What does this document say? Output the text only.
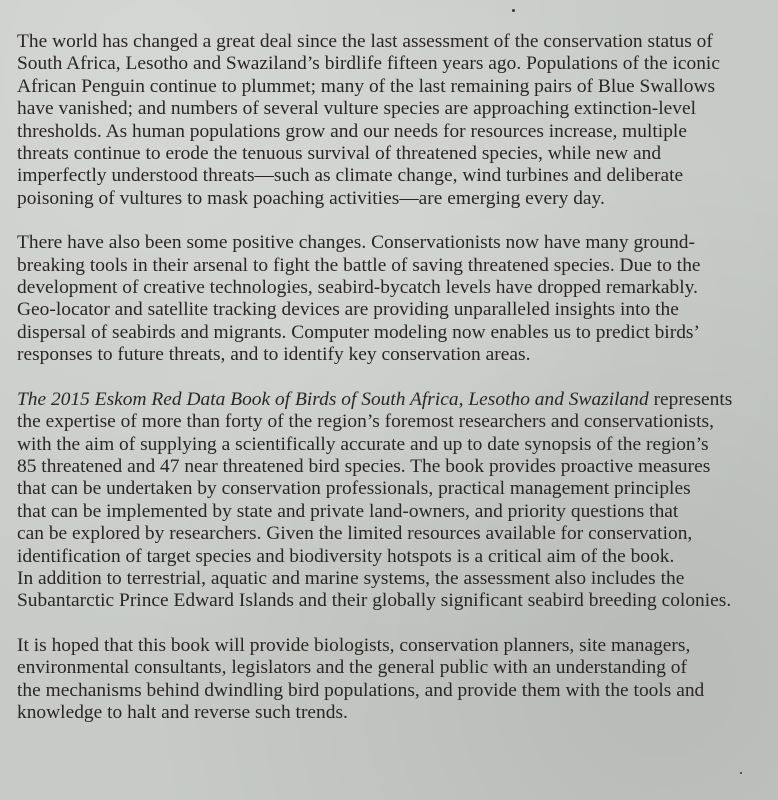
The world has changed a great deal since the last assessment of the conservation status of
South Africa, Lesotho and Swaziland’s birdlife fifteen years ago. Populations of the iconic
African Penguin continue to plummet; many of the last remaining pairs of Blue Swallows
have vanished; and numbers of several vulture species are approaching extinction-level
thresholds. As human populations grow and our needs for resources increase, multiple
threats continue to erode the tenuous survival of threatened species, while new and
imperfectly understood threats—such as climate change, wind turbines and deliberate
poisoning of vultures to mask poaching activities—are emerging every day.

There have also been some positive changes. Conservationists now have many ground-
breaking tools in their arsenal to fight the battle of saving threatened species. Due to the
development of creative technologies, seabird-bycatch levels have dropped remarkably.
Geo-locator and satellite tracking devices are providing unparalleled insights into the
dispersal of seabirds and migrants. Computer modeling now enables us to predict birds’
responses to future threats, and to identify key conservation areas.

The 2015 Eskom Red Data Book of Birds of South Africa, Lesotho and Swaziland represents
the expertise of more than forty of the region’s foremost researchers and conservationists,
with the aim of supplying a scientifically accurate and up to date synopsis of the region’s
85 threatened and 47 near threatened bird species. The book provides proactive measures
that can be undertaken by conservation professionals, practical management principles
that can be implemented by state and private land-owners, and priority questions that
can be explored by researchers. Given the limited resources available for conservation,
identification of target species and biodiversity hotspots is a critical aim of the book.
In addition to terrestrial, aquatic and marine systems, the assessment also includes the
Subantarctic Prince Edward Islands and their globally significant seabird breeding colonies.

It is hoped that this book will provide biologists, conservation planners, site managers,
environmental consultants, legislators and the general public with an understanding of
the mechanisms behind dwindling bird populations, and provide them with the tools and
knowledge to halt and reverse such trends.
